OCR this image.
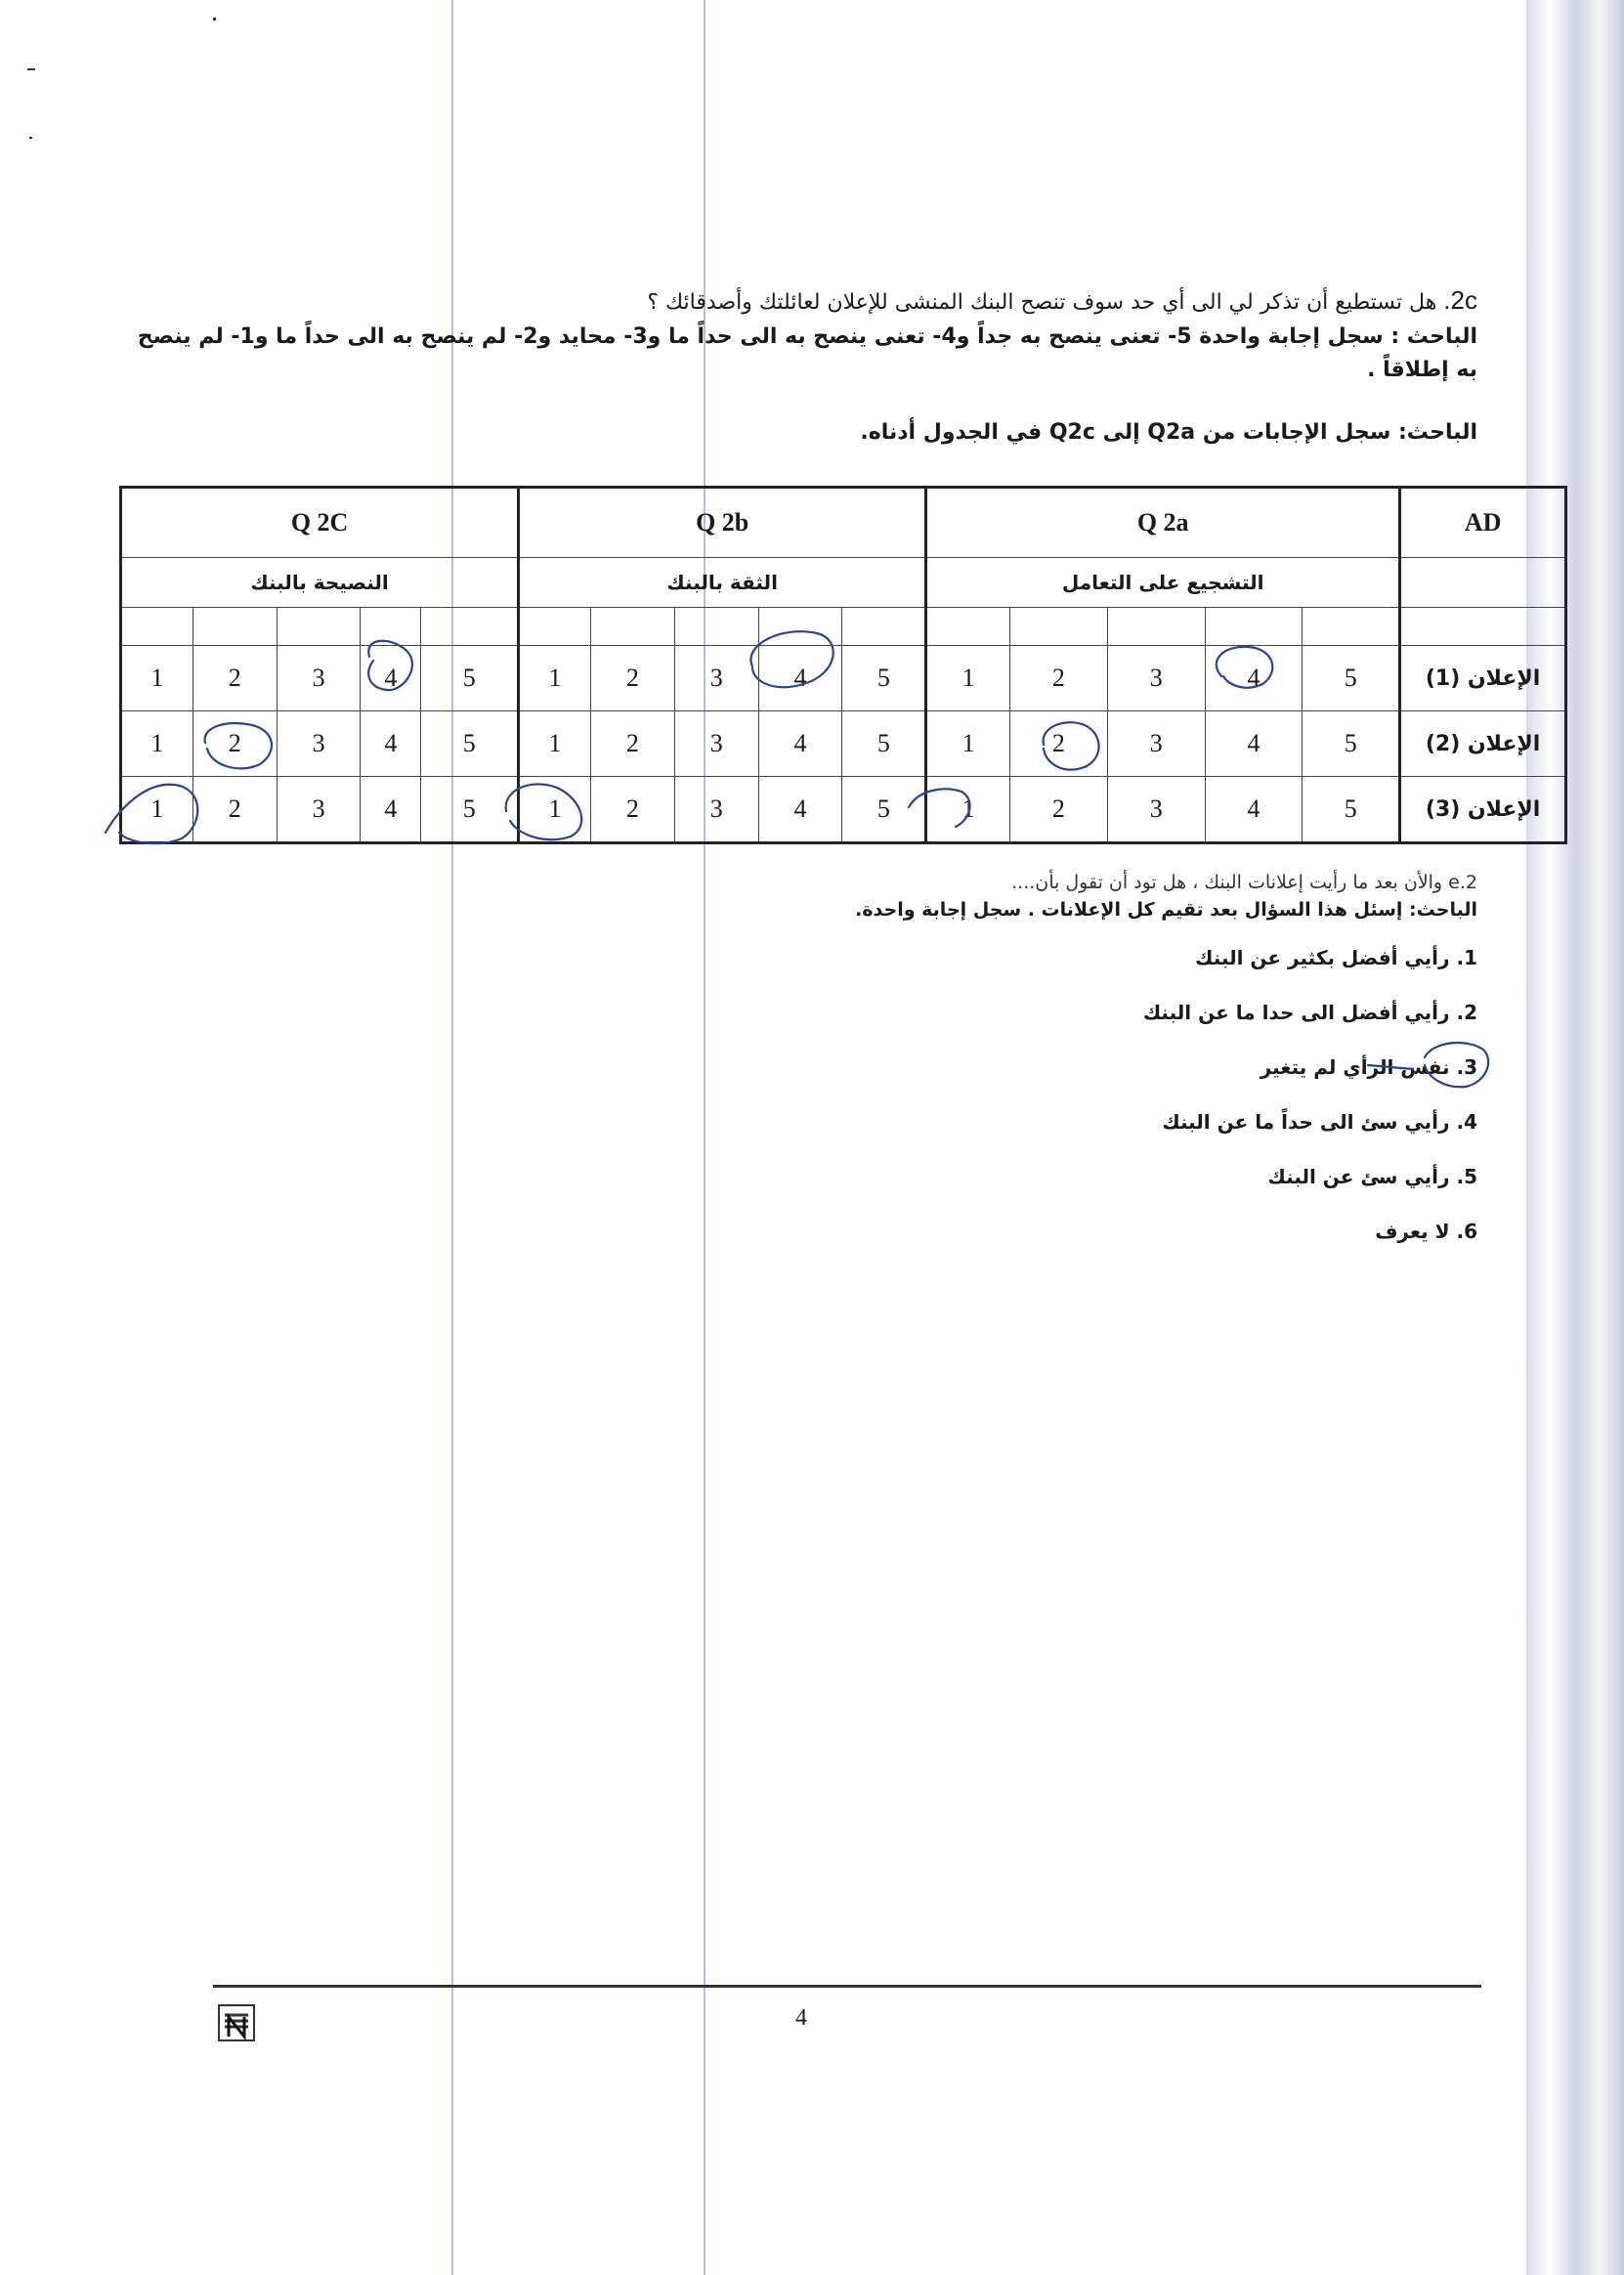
2c. هل تستطيع أن تذكر لي الى أي حد سوف تنصح البنك المنشى للإعلان لعائلتك وأصدقائك ؟
الباحث : سجل إجابة واحدة 5- تعنى ينصح به جداً و4- تعنى ينصح به الى حداً ما و3- محايد و2- لم ينصح به الى حداً ما و1- لم ينصح به إطلاقاً .
الباحث: سجل الإجابات من Q2a إلى Q2c في الجدول أدناه.
Q 2C					Q 2b					Q 2a					AD
النصيحة بالبنك					الثقة بالبنك					التشجيع على التعامل					

1	2	3	4	5	1	2	3	4	5	1	2	3	4	5	الإعلان (1)
1	2	3	4	5	1	2	3	4	5	1	2	3	4	5	الإعلان (2)
1	2	3	4	5	1	2	3	4	5	1	2	3	4	5	الإعلان (3)
2.e والأن بعد ما رأيت إعلانات البنك ، هل تود أن تقول بأن....
الباحث: إسئل هذا السؤال بعد تقيم كل الإعلانات . سجل إجابة واحدة.
1. رأيي أفضل بكثير عن البنك
2. رأيي أفضل الى حدا ما عن البنك
3. نفس الرأي لم يتغير
4. رأيي سئ الى حداً ما عن البنك
5. رأيي سئ عن البنك
6. لا يعرف
4
